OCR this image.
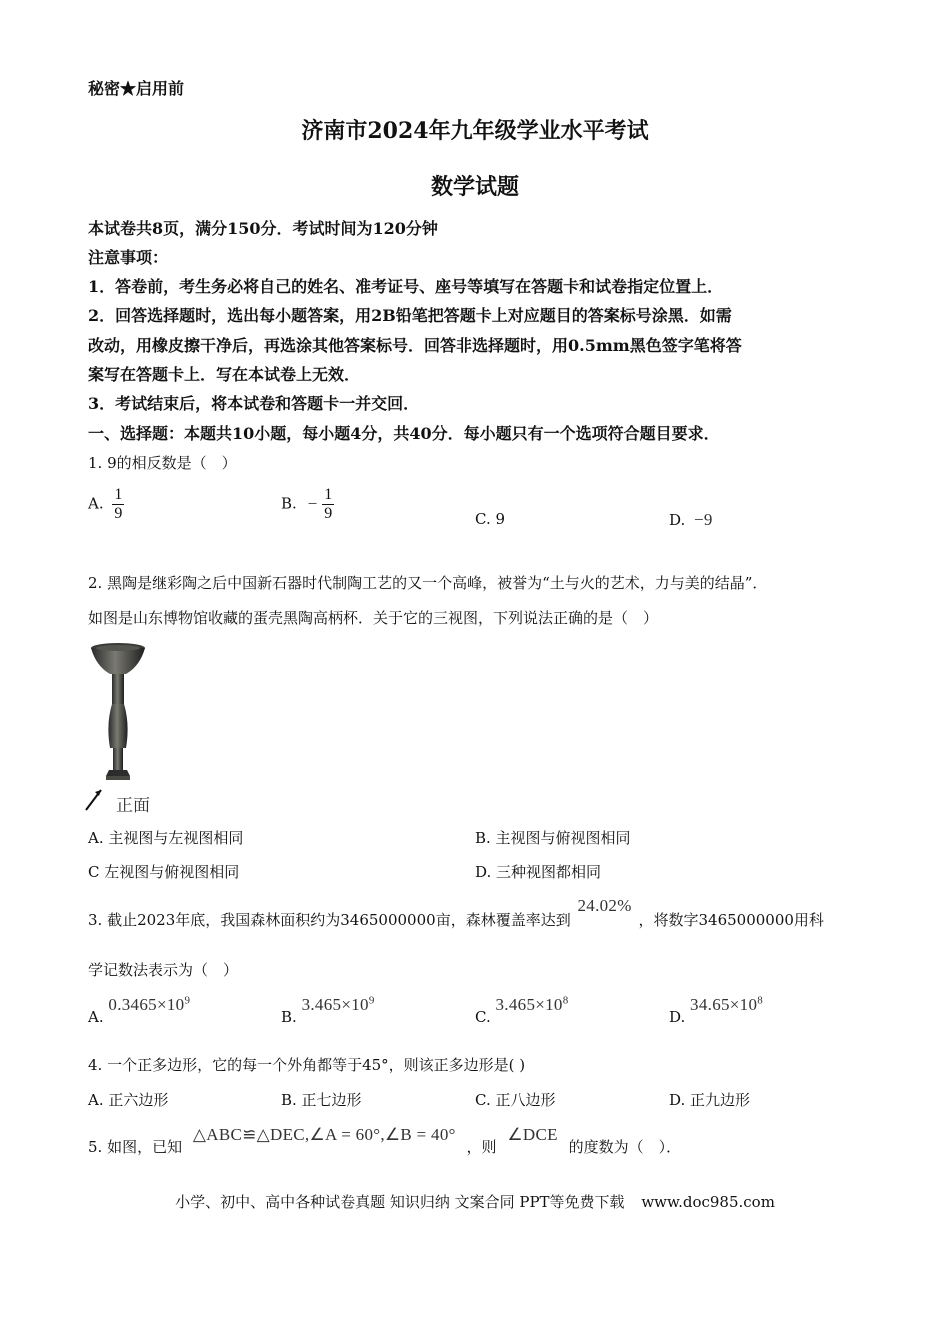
秘密★启用前
济南市2024年九年级学业水平考试
数学试题
本试卷共8页，满分150分．考试时间为120分钟
注意事项：
1．答卷前，考生务必将自己的姓名、准考证号、座号等填写在答题卡和试卷指定位置上．
2．回答选择题时，选出每小题答案，用2B铅笔把答题卡上对应题目的答案标号涂黑．如需
改动，用橡皮擦干净后，再选涂其他答案标号．回答非选择题时，用0.5mm黑色签字笔将答
案写在答题卡上．写在本试卷上无效．
3．考试结束后，将本试卷和答题卡一并交回．
一、选择题：本题共10小题，每小题4分，共40分．每小题只有一个选项符合题目要求．
1. 9的相反数是（　）
A. $\frac{1}{9}$	B. − $\frac{1}{9}$	C. 9	D. −9
2. 黑陶是继彩陶之后中国新石器时代制陶工艺的又一个高峰，被誉为“土与火的艺术，力与美的结晶”．
如图是山东博物馆收藏的蛋壳黑陶高柄杯．关于它的三视图，下列说法正确的是（　）
正面
A. 主视图与左视图相同	B. 主视图与俯视图相同
C 左视图与俯视图相同	D. 三种视图都相同
3. 截止2023年底，我国森林面积约为3465000000亩，森林覆盖率达到 24.02% ，将数字3465000000用科
学记数法表示为（　）
A. $0.3465\times 10^9$
B. $3.465\times 10^9$
C. $3.465\times 10^8$
D. $34.65\times 10^8$
4. 一个正多边形，它的每一个外角都等于45°，则该正多边形是( )
A. 正六边形	B. 正七边形	C. 正八边形	D. 正九边形
5. 如图，已知 △ABC≌△DEC,∠A = 60°,∠B = 40° ，则 ∠DCE 的度数为（　）．
小学、初中、高中各种试卷真题 知识归纳 文案合同 PPT等免费下载 www.doc985.com
